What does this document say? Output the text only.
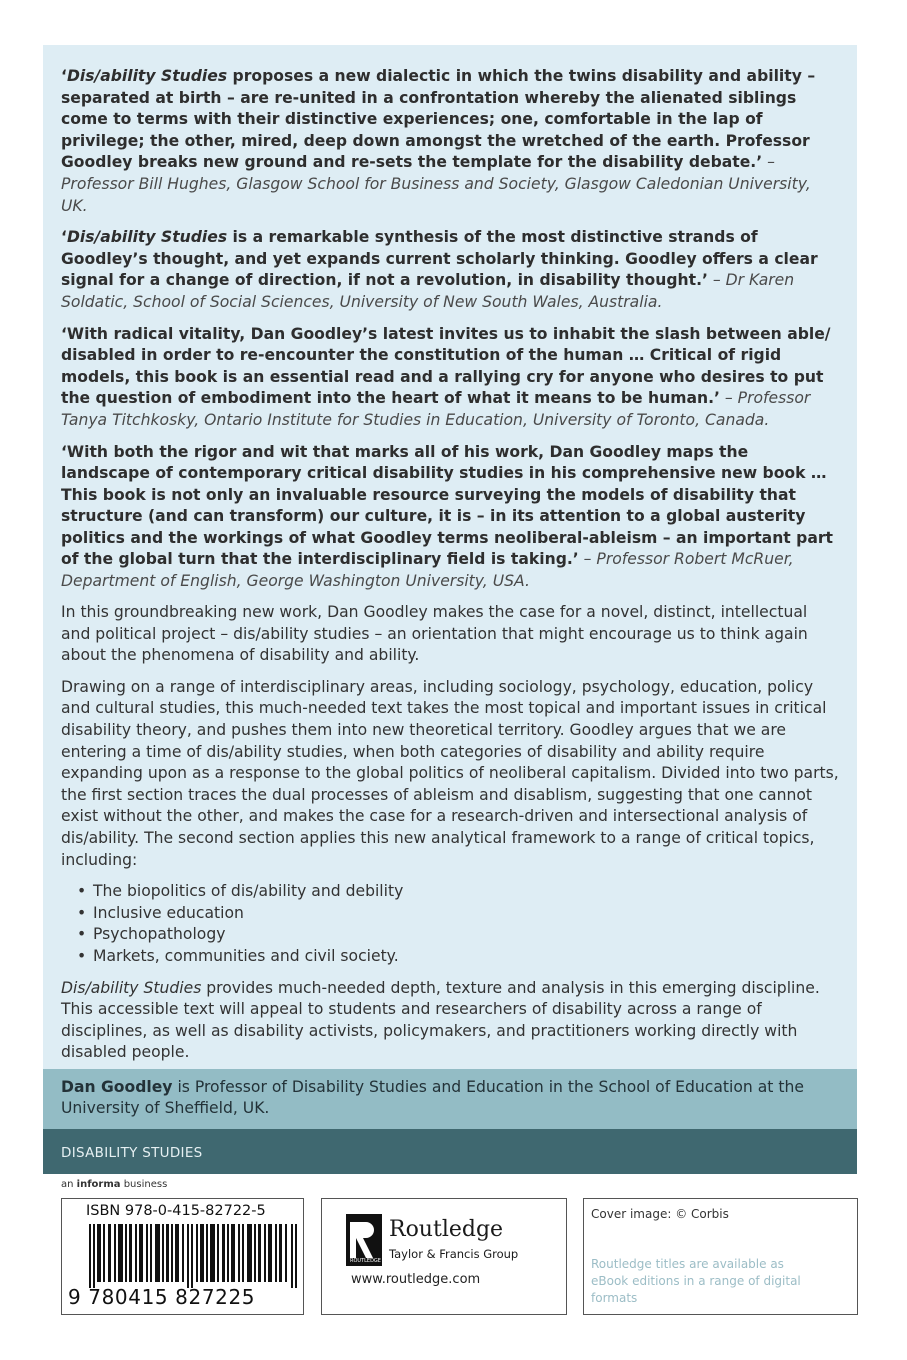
‘Dis/ability Studies proposes a new dialectic in which the twins disability and ability – separated at birth – are re-united in a confrontation whereby the alienated siblings come to terms with their distinctive experiences; one, comfortable in the lap of privilege; the other, mired, deep down amongst the wretched of the earth. Professor Goodley breaks new ground and re-sets the template for the disability debate.’ – Professor Bill Hughes, Glasgow School for Business and Society, Glasgow Caledonian University, UK.

‘Dis/ability Studies is a remarkable synthesis of the most distinctive strands of Goodley’s thought, and yet expands current scholarly thinking. Goodley offers a clear signal for a change of direction, if not a revolution, in disability thought.’ – Dr Karen Soldatic, School of Social Sciences, University of New South Wales, Australia.

‘With radical vitality, Dan Goodley’s latest invites us to inhabit the slash between able/ disabled in order to re-encounter the constitution of the human … Critical of rigid models, this book is an essential read and a rallying cry for anyone who desires to put the question of embodiment into the heart of what it means to be human.’ – Professor Tanya Titchkosky, Ontario Institute for Studies in Education, University of Toronto, Canada.

‘With both the rigor and wit that marks all of his work, Dan Goodley maps the landscape of contemporary critical disability studies in his comprehensive new book … This book is not only an invaluable resource surveying the models of disability that structure (and can transform) our culture, it is – in its attention to a global austerity politics and the workings of what Goodley terms neoliberal-ableism – an important part of the global turn that the interdisciplinary field is taking.’ – Professor Robert McRuer, Department of English, George Washington University, USA.

In this groundbreaking new work, Dan Goodley makes the case for a novel, distinct, intellectual and political project – dis/ability studies – an orientation that might encourage us to think again about the phenomena of disability and ability.

Drawing on a range of interdisciplinary areas, including sociology, psychology, education, policy and cultural studies, this much-needed text takes the most topical and important issues in critical disability theory, and pushes them into new theoretical territory. Goodley argues that we are entering a time of dis/ability studies, when both categories of disability and ability require expanding upon as a response to the global politics of neoliberal capitalism. Divided into two parts, the first section traces the dual processes of ableism and disablism, suggesting that one cannot exist without the other, and makes the case for a research-driven and intersectional analysis of dis/ability. The second section applies this new analytical framework to a range of critical topics, including:

• The biopolitics of dis/ability and debility
• Inclusive education
• Psychopathology
• Markets, communities and civil society.

Dis/ability Studies provides much-needed depth, texture and analysis in this emerging discipline. This accessible text will appeal to students and researchers of disability across a range of disciplines, as well as disability activists, policymakers, and practitioners working directly with disabled people.

Dan Goodley is Professor of Disability Studies and Education in the School of Education at the University of Sheffield, UK.
DISABILITY STUDIES
an informa business
ISBN 978-0-415-82722-5
9 780415 827225
ROUTLEDGE
Routledge
Taylor & Francis Group
www.routledge.com
Cover image: © Corbis
Routledge titles are available as eBook editions in a range of digital formats
